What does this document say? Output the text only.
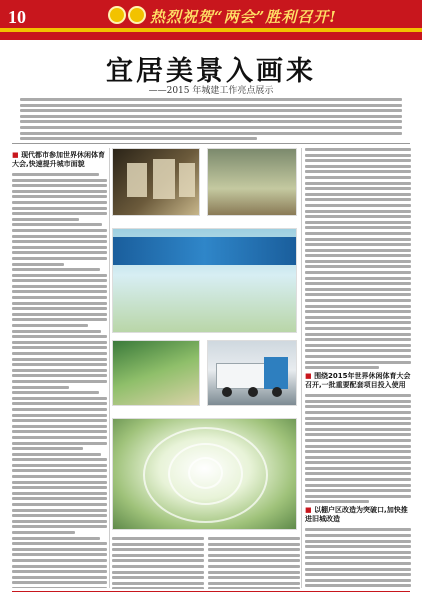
10	热烈祝贺“两会”胜利召开!
宜居美景入画来
——2015 年城建工作亮点展示
■ 现代都市参加世界休闲体育大会,快速提升城市面貌
■ 围绕2015年世界休闲体育大会召开,一批重要配套项目投入使用
■ 以棚户区改造为突破口,加快推进旧城改造
